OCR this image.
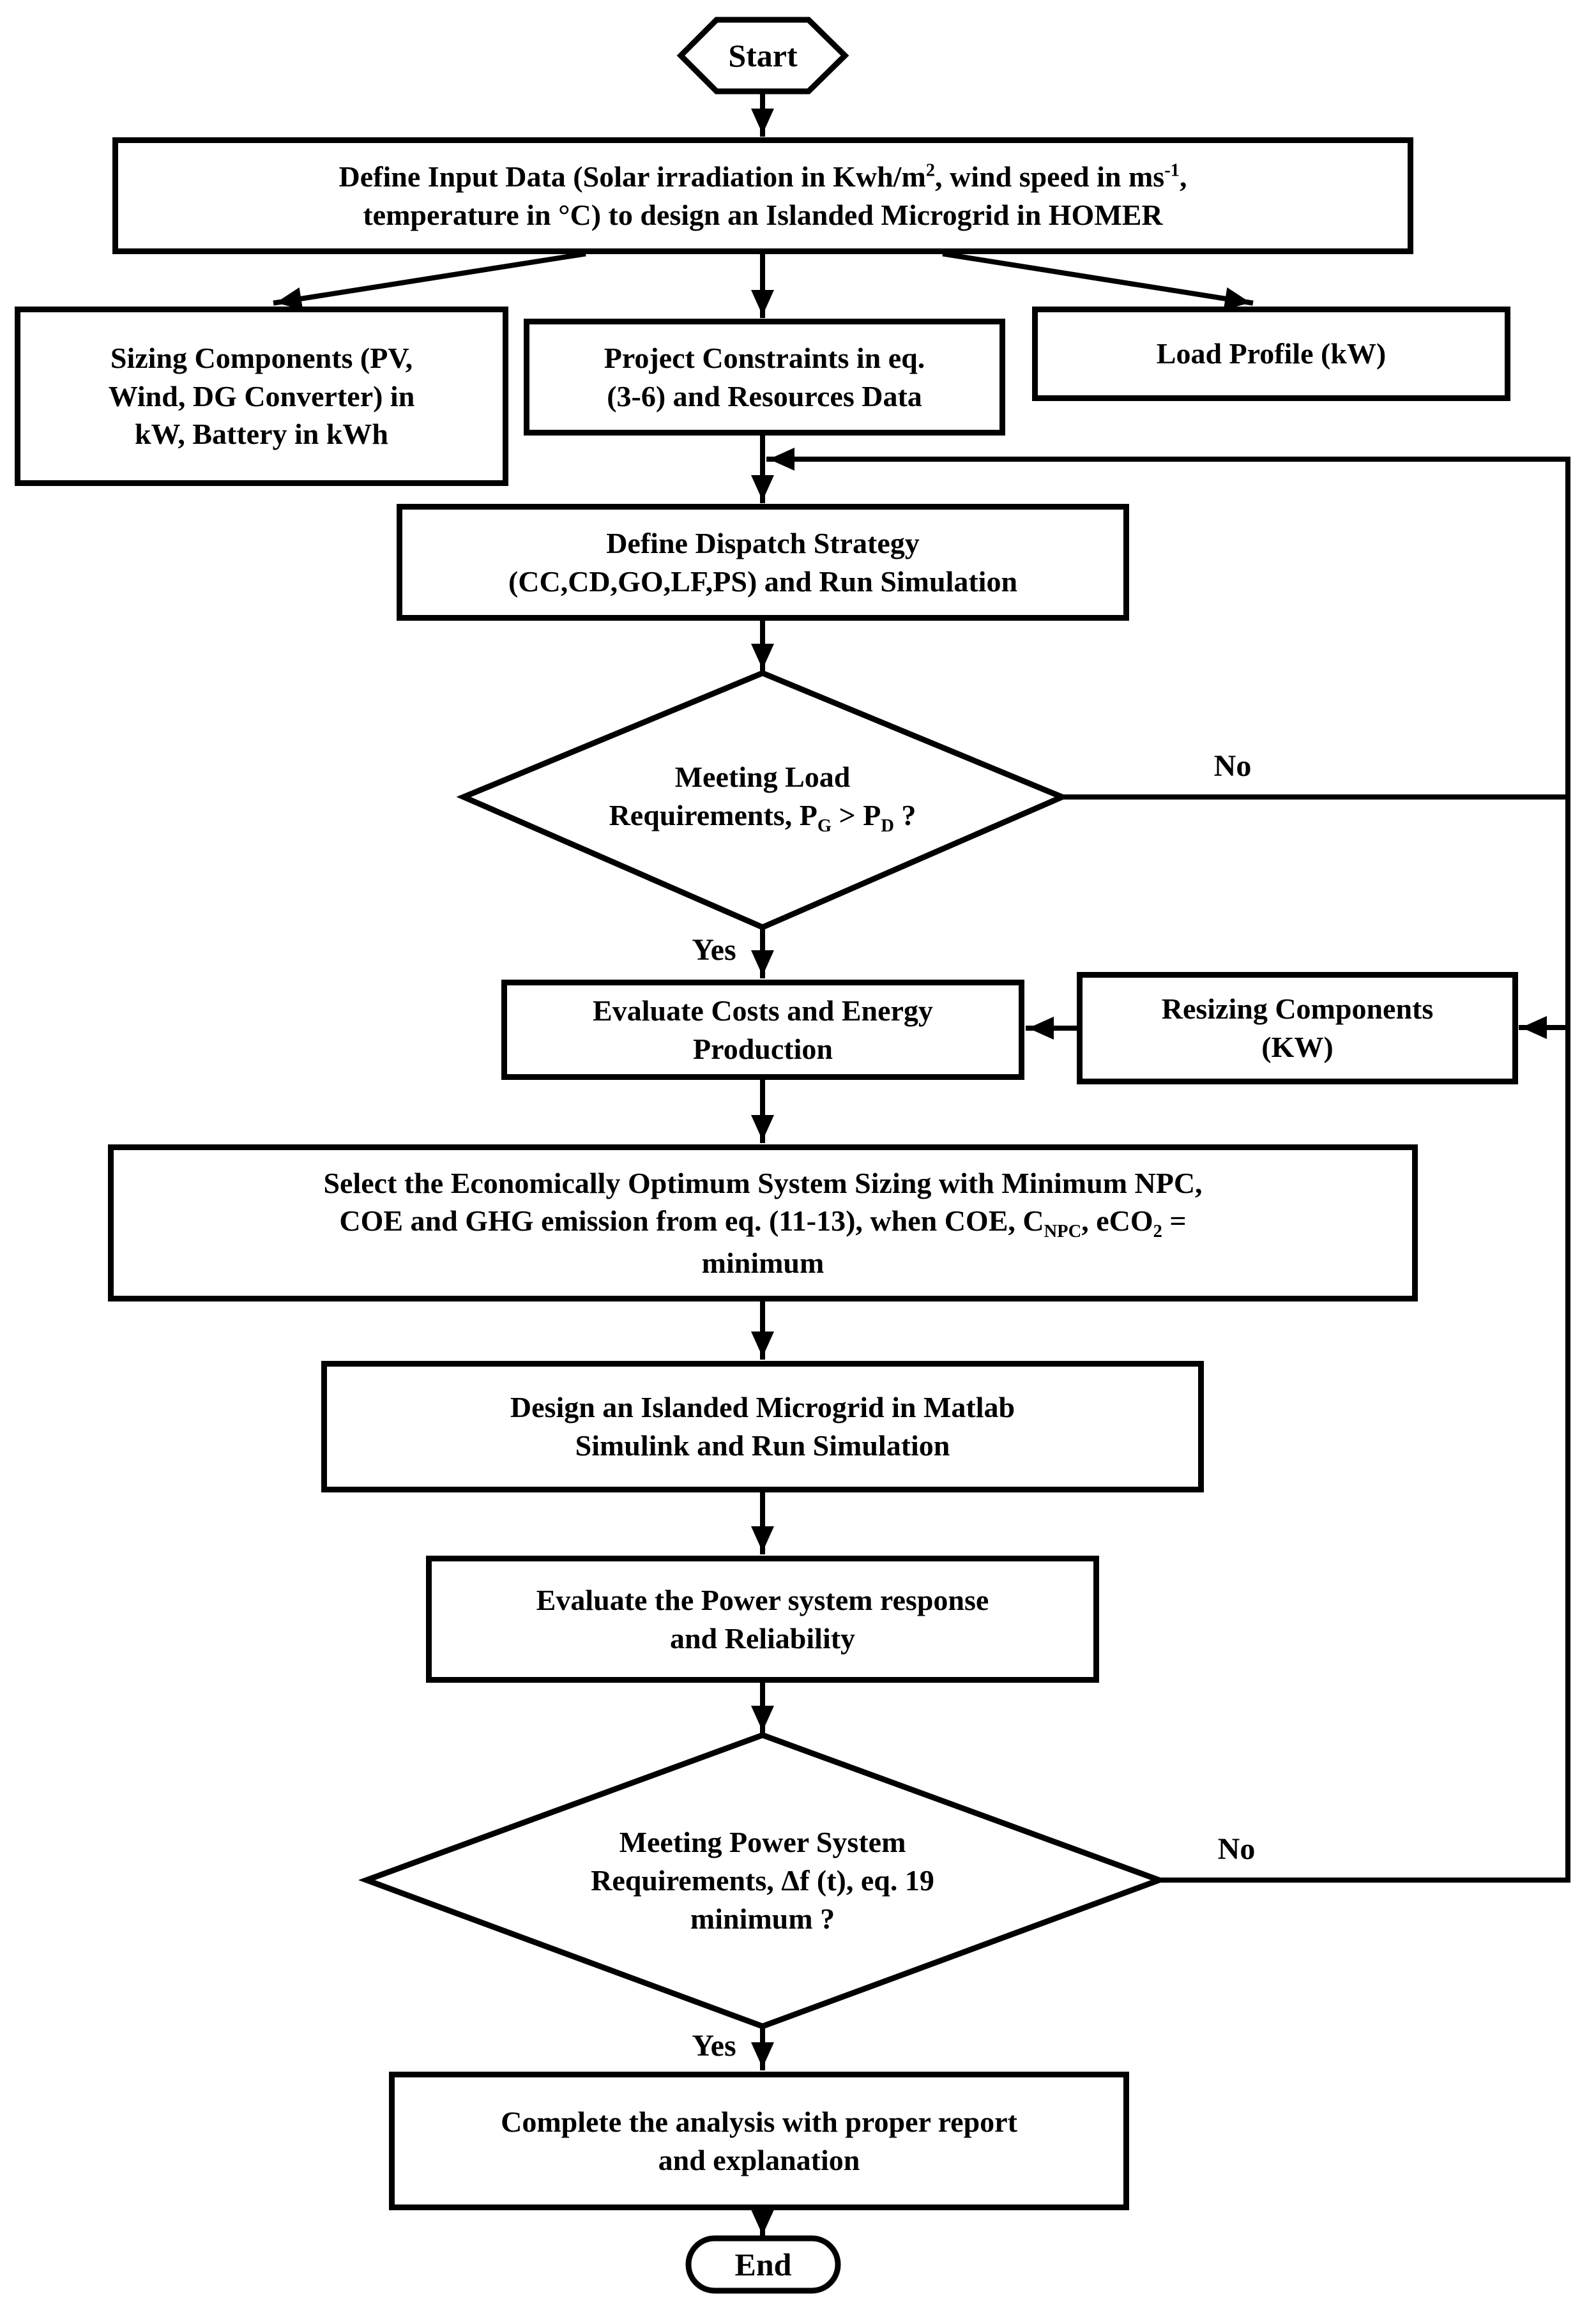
Define Input Data (Solar irradiation in Kwh/$m^2$, wind speed in $ms^{-1}$,
temperature in °C) to design an Islanded Microgrid in HOMER
Sizing Components (PV,
Wind, DG Converter) in
kW, Battery in kWh
Project Constraints in eq.
(3-6) and Resources Data
Load Profile (kW)
Define Dispatch Strategy
(CC,CD,GO,LF,PS) and Run Simulation
Resizing Components
(KW)
Evaluate Costs and Energy
Production
Select the Economically Optimum System Sizing with Minimum NPC,
COE and GHG emission from eq. (11-13), when COE, $C_{NPC}$, eCO$_2$ =
minimum
Design an Islanded Microgrid in Matlab
Simulink and Run Simulation
Evaluate the Power system response
and Reliability
Complete the analysis with proper report
and explanation
Start
Meeting Load
Requirements, $P_G > P_D$ ?
Meeting Power System
Requirements, Δf (t), eq. 19
minimum ?
End
No
Yes
No
Yes
